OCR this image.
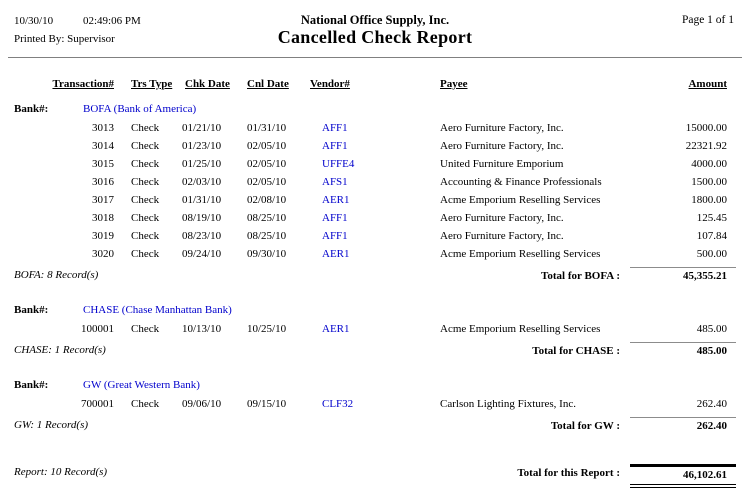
10/30/10	02:49:06 PM
Printed By: Supervisor
National Office Supply, Inc.
Cancelled Check Report
Page 1 of 1
Transaction#	Trs Type	Chk Date	Cnl Date	Vendor#	Payee	Amount
Bank#:	BOFA (Bank of America)
3013	Check	01/21/10	01/31/10	AFF1	Aero Furniture Factory, Inc.	15000.00
3014	Check	01/23/10	02/05/10	AFF1	Aero Furniture Factory, Inc.	22321.92
3015	Check	01/25/10	02/05/10	UFFE4	United Furniture Emporium	4000.00
3016	Check	02/03/10	02/05/10	AFS1	Accounting & Finance Professionals	1500.00
3017	Check	01/31/10	02/08/10	AER1	Acme Emporium Reselling Services	1800.00
3018	Check	08/19/10	08/25/10	AFF1	Aero Furniture Factory, Inc.	125.45
3019	Check	08/23/10	08/25/10	AFF1	Aero Furniture Factory, Inc.	107.84
3020	Check	09/24/10	09/30/10	AER1	Acme Emporium Reselling Services	500.00
BOFA: 8 Record(s)	Total for BOFA :	45,355.21
Bank#:	CHASE (Chase Manhattan Bank)
100001	Check	10/13/10	10/25/10	AER1	Acme Emporium Reselling Services	485.00
CHASE: 1 Record(s)	Total for CHASE :	485.00
Bank#:	GW (Great Western Bank)
700001	Check	09/06/10	09/15/10	CLF32	Carlson Lighting Fixtures, Inc.	262.40
GW: 1 Record(s)	Total for GW :	262.40
Report: 10 Record(s)	Total for this Report :	46,102.61
